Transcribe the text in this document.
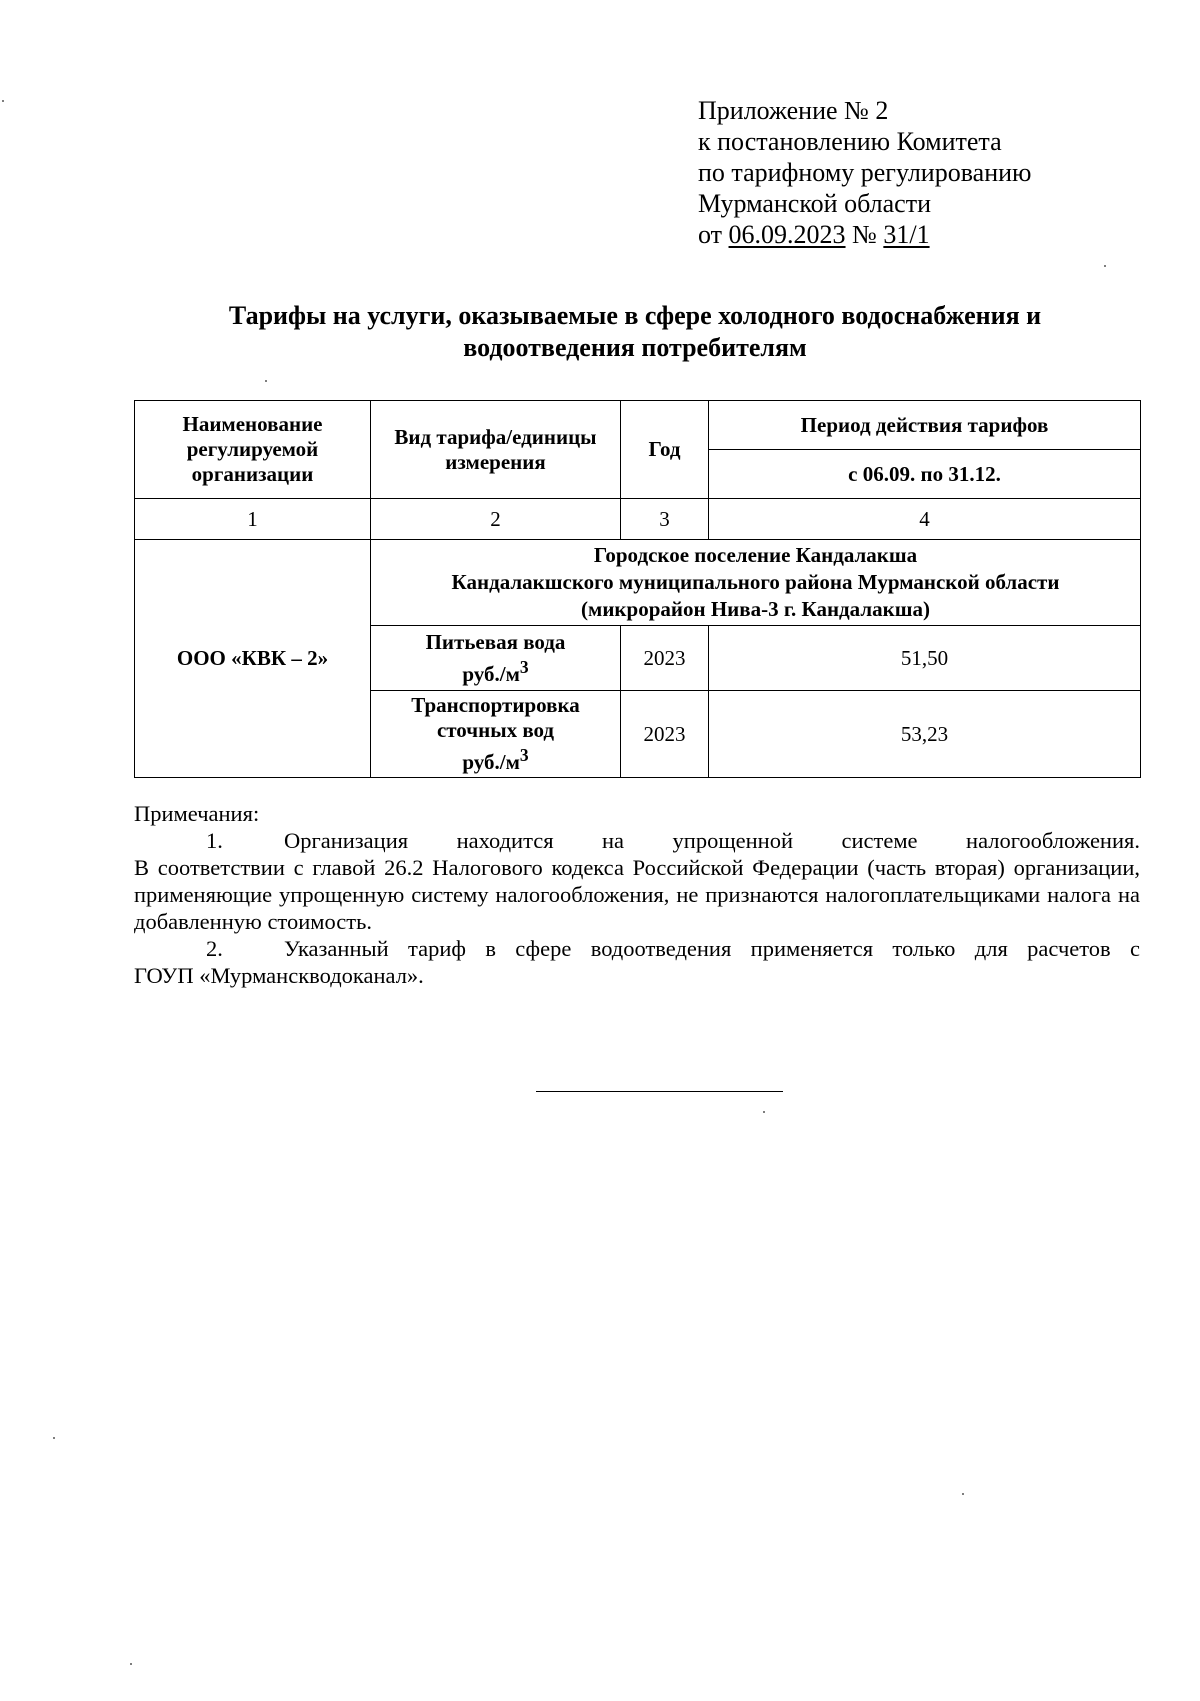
Приложение № 2
к постановлению Комитета
по тарифному регулированию
Мурманской области
от 06.09.2023 № 31/1
Тарифы на услуги, оказываемые в сфере холодного водоснабжения и
водоотведения потребителям
Наименование регулируемой организации	Вид тарифа/единицы измерения	Год	Период действия тарифов
			с 06.09. по 31.12.
1	2	3	4
ООО «КВК – 2»	Городское поселение Кандалакша
Кандалакшского муниципального района Мурманской области
(микрорайон Нива-3 г. Кандалакша)		

	Питьевая вода
$руб./м^3$	2023	51,50

	Транспортировка
сточных вод
$руб./м^3$	2023	53,23
Примечания:
1.	Организация находится на упрощенной системе налогообложения.
В соответствии с главой 26.2 Налогового кодекса Российской Федерации (часть вторая) организации, применяющие упрощенную систему налогообложения, не признаются налогоплательщиками налога на добавленную стоимость.
2.	Указанный тариф в сфере водоотведения применяется только для расчетов с
ГОУП «Мурманскводоканал».
